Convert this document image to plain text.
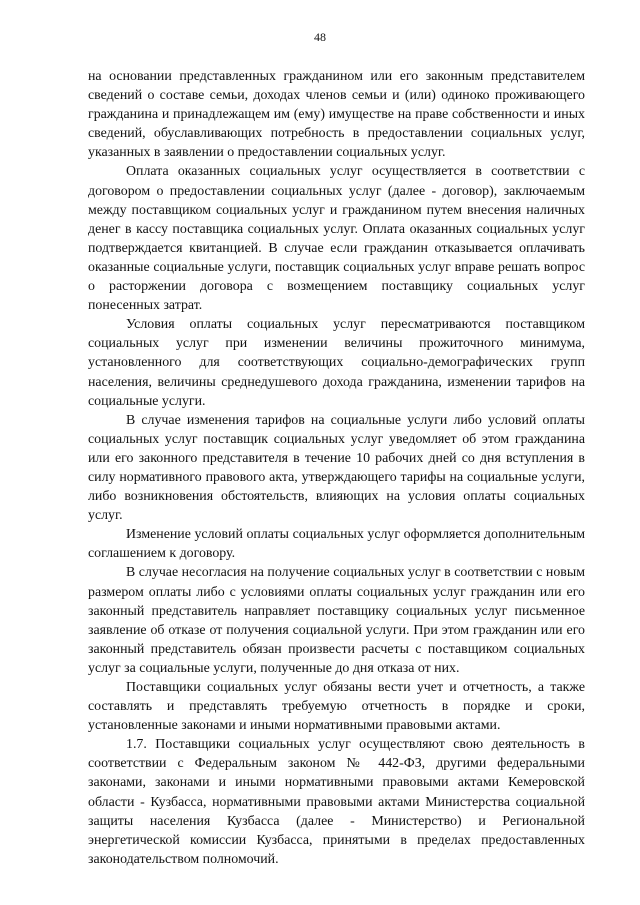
48

на основании представленных гражданином или его законным представителем сведений о составе семьи, доходах членов семьи и (или) одиноко проживающего гражданина и принадлежащем им (ему) имуществе на праве собственности и иных сведений, обуславливающих потребность в предоставлении социальных услуг, указанных в заявлении о предоставлении социальных услуг.

Оплата оказанных социальных услуг осуществляется в соответствии с договором о предоставлении социальных услуг (далее - договор), заключаемым между поставщиком социальных услуг и гражданином путем внесения наличных денег в кассу поставщика социальных услуг. Оплата оказанных социальных услуг подтверждается квитанцией. В случае если гражданин отказывается оплачивать оказанные социальные услуги, поставщик социальных услуг вправе решать вопрос о расторжении договора с возмещением поставщику социальных услуг понесенных затрат.

Условия оплаты социальных услуг пересматриваются поставщиком социальных услуг при изменении величины прожиточного минимума, установленного для соответствующих социально-демографических групп населения, величины среднедушевого дохода гражданина, изменении тарифов на социальные услуги.

В случае изменения тарифов на социальные услуги либо условий оплаты социальных услуг поставщик социальных услуг уведомляет об этом гражданина или его законного представителя в течение 10 рабочих дней со дня вступления в силу нормативного правового акта, утверждающего тарифы на социальные услуги, либо возникновения обстоятельств, влияющих на условия оплаты социальных услуг.

Изменение условий оплаты социальных услуг оформляется дополнительным соглашением к договору.

В случае несогласия на получение социальных услуг в соответствии с новым размером оплаты либо с условиями оплаты социальных услуг гражданин или его законный представитель направляет поставщику социальных услуг письменное заявление об отказе от получения социальной услуги. При этом гражданин или его законный представитель обязан произвести расчеты с поставщиком социальных услуг за социальные услуги, полученные до дня отказа от них.

Поставщики социальных услуг обязаны вести учет и отчетность, а также составлять и представлять требуемую отчетность в порядке и сроки, установленные законами и иными нормативными правовыми актами.

1.7. Поставщики социальных услуг осуществляют свою деятельность в соответствии с Федеральным законом № 442-ФЗ, другими федеральными законами, законами и иными нормативными правовыми актами Кемеровской области - Кузбасса, нормативными правовыми актами Министерства социальной защиты населения Кузбасса (далее - Министерство) и Региональной энергетической комиссии Кузбасса, принятыми в пределах предоставленных законодательством полномочий.
